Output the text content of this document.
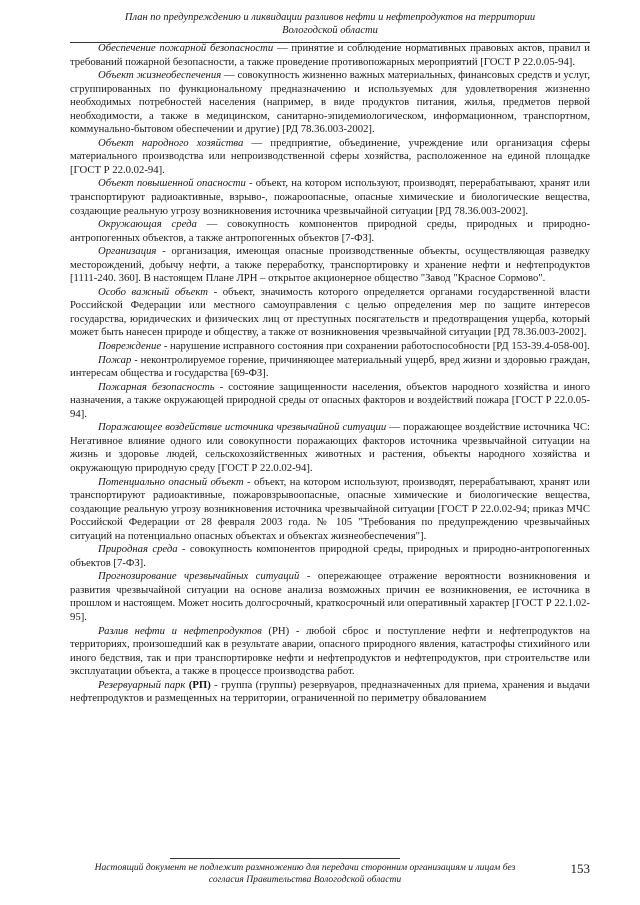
План по предупреждению и ликвидации разливов нефти и нефтепродуктов на территории
Вологодской области

Обеспечение пожарной безопасности — принятие и соблюдение нормативных правовых актов, правил и требований пожарной безопасности, а также проведение противопожарных мероприятий [ГОСТ Р 22.0.05-94].

Объект жизнеобеспечения — совокупность жизненно важных материальных, финансовых средств и услуг, сгруппированных по функциональному предназначению и используемых для удовлетворения жизненно необходимых потребностей населения (например, в виде продуктов питания, жилья, предметов первой необходимости, а также в медицинском, санитарно-эпидемиологическом, информационном, транспортном, коммунально-бытовом обеспечении и другие) [РД 78.36.003-2002].

Объект народного хозяйства — предприятие, объединение, учреждение или организация сферы материального производства или непроизводственной сферы хозяйства, расположенное на единой площадке [ГОСТ Р 22.0.02-94].

Объект повышенной опасности - объект, на котором используют, производят, перерабатывают, хранят или транспортируют радиоактивные, взрыво-, пожароопасные, опасные химические и биологические вещества, создающие реальную угрозу возникновения источника чрезвычайной ситуации [РД 78.36.003-2002].

Окружающая среда — совокупность компонентов природной среды, природных и природно-антропогенных объектов, а также антропогенных объектов [7-ФЗ].

Организация - организация, имеющая опасные производственные объекты, осуществляющая разведку месторождений, добычу нефти, а также переработку, транспортировку и хранение нефти и нефтепродуктов [1111-240. 360]. В настоящем Плане ЛРН – открытое акционерное общество "Завод "Красное Сормово".

Особо важный объект - объект, значимость которого определяется органами государственной власти Российской Федерации или местного самоуправления с целью определения мер по защите интересов государства, юридических и физических лиц от преступных посягательств и предотвращения ущерба, который может быть нанесен природе и обществу, а также от возникновения чрезвычайной ситуации [РД 78.36.003-2002].

Повреждение - нарушение исправного состояния при сохранении работоспособности [РД 153-39.4-058-00].

Пожар - неконтролируемое горение, причиняющее материальный ущерб, вред жизни и здоровью граждан, интересам общества и государства [69-ФЗ].

Пожарная безопасность - состояние защищенности населения, объектов народного хозяйства и иного назначения, а также окружающей природной среды от опасных факторов и воздействий пожара [ГОСТ Р 22.0.05-94].

Поражающее воздействие источника чрезвычайной ситуации — поражающее воздействие источника ЧС: Негативное влияние одного или совокупности поражающих факторов источника чрезвычайной ситуации на жизнь и здоровье людей, сельскохозяйственных животных и растения, объекты народного хозяйства и окружающую природную среду [ГОСТ Р 22.0.02-94].

Потенциально опасный объект - объект, на котором используют, производят, перерабатывают, хранят или транспортируют радиоактивные, пожаровзрывоопасные, опасные химические и биологические вещества, создающие реальную угрозу возникновения источника чрезвычайной ситуации [ГОСТ Р 22.0.02-94; приказ МЧС Российской Федерации от 28 февраля 2003 года. № 105 "Требования по предупреждению чрезвычайных ситуаций на потенциально опасных объектах и объектах жизнеобеспечения"].

Природная среда - совокупность компонентов природной среды, природных и природно-антропогенных объектов [7-ФЗ].

Прогнозирование чрезвычайных ситуаций - опережающее отражение вероятности возникновения и развития чрезвычайной ситуации на основе анализа возможных причин ее возникновения, ее источника в прошлом и настоящем. Может носить долгосрочный, краткосрочный или оперативный характер [ГОСТ Р 22.1.02-95].

Разлив нефти и нефтепродуктов (РН) - любой сброс и поступление нефти и нефтепродуктов на территориях, произошедший как в результате аварии, опасного природного явления, катастрофы стихийного или иного бедствия, так и при транспортировке нефти и нефтепродуктов и нефтепродуктов, при строительстве или эксплуатации объекта, а также в процессе производства работ.

Резервуарный парк (РП) - группа (группы) резервуаров, предназначенных для приема, хранения и выдачи нефтепродуктов и размещенных на территории, ограниченной по периметру обвалованием

Настоящий документ не подлежит размножению для передачи сторонним организациям и лицам без
согласия Правительства Вологодской области
153
